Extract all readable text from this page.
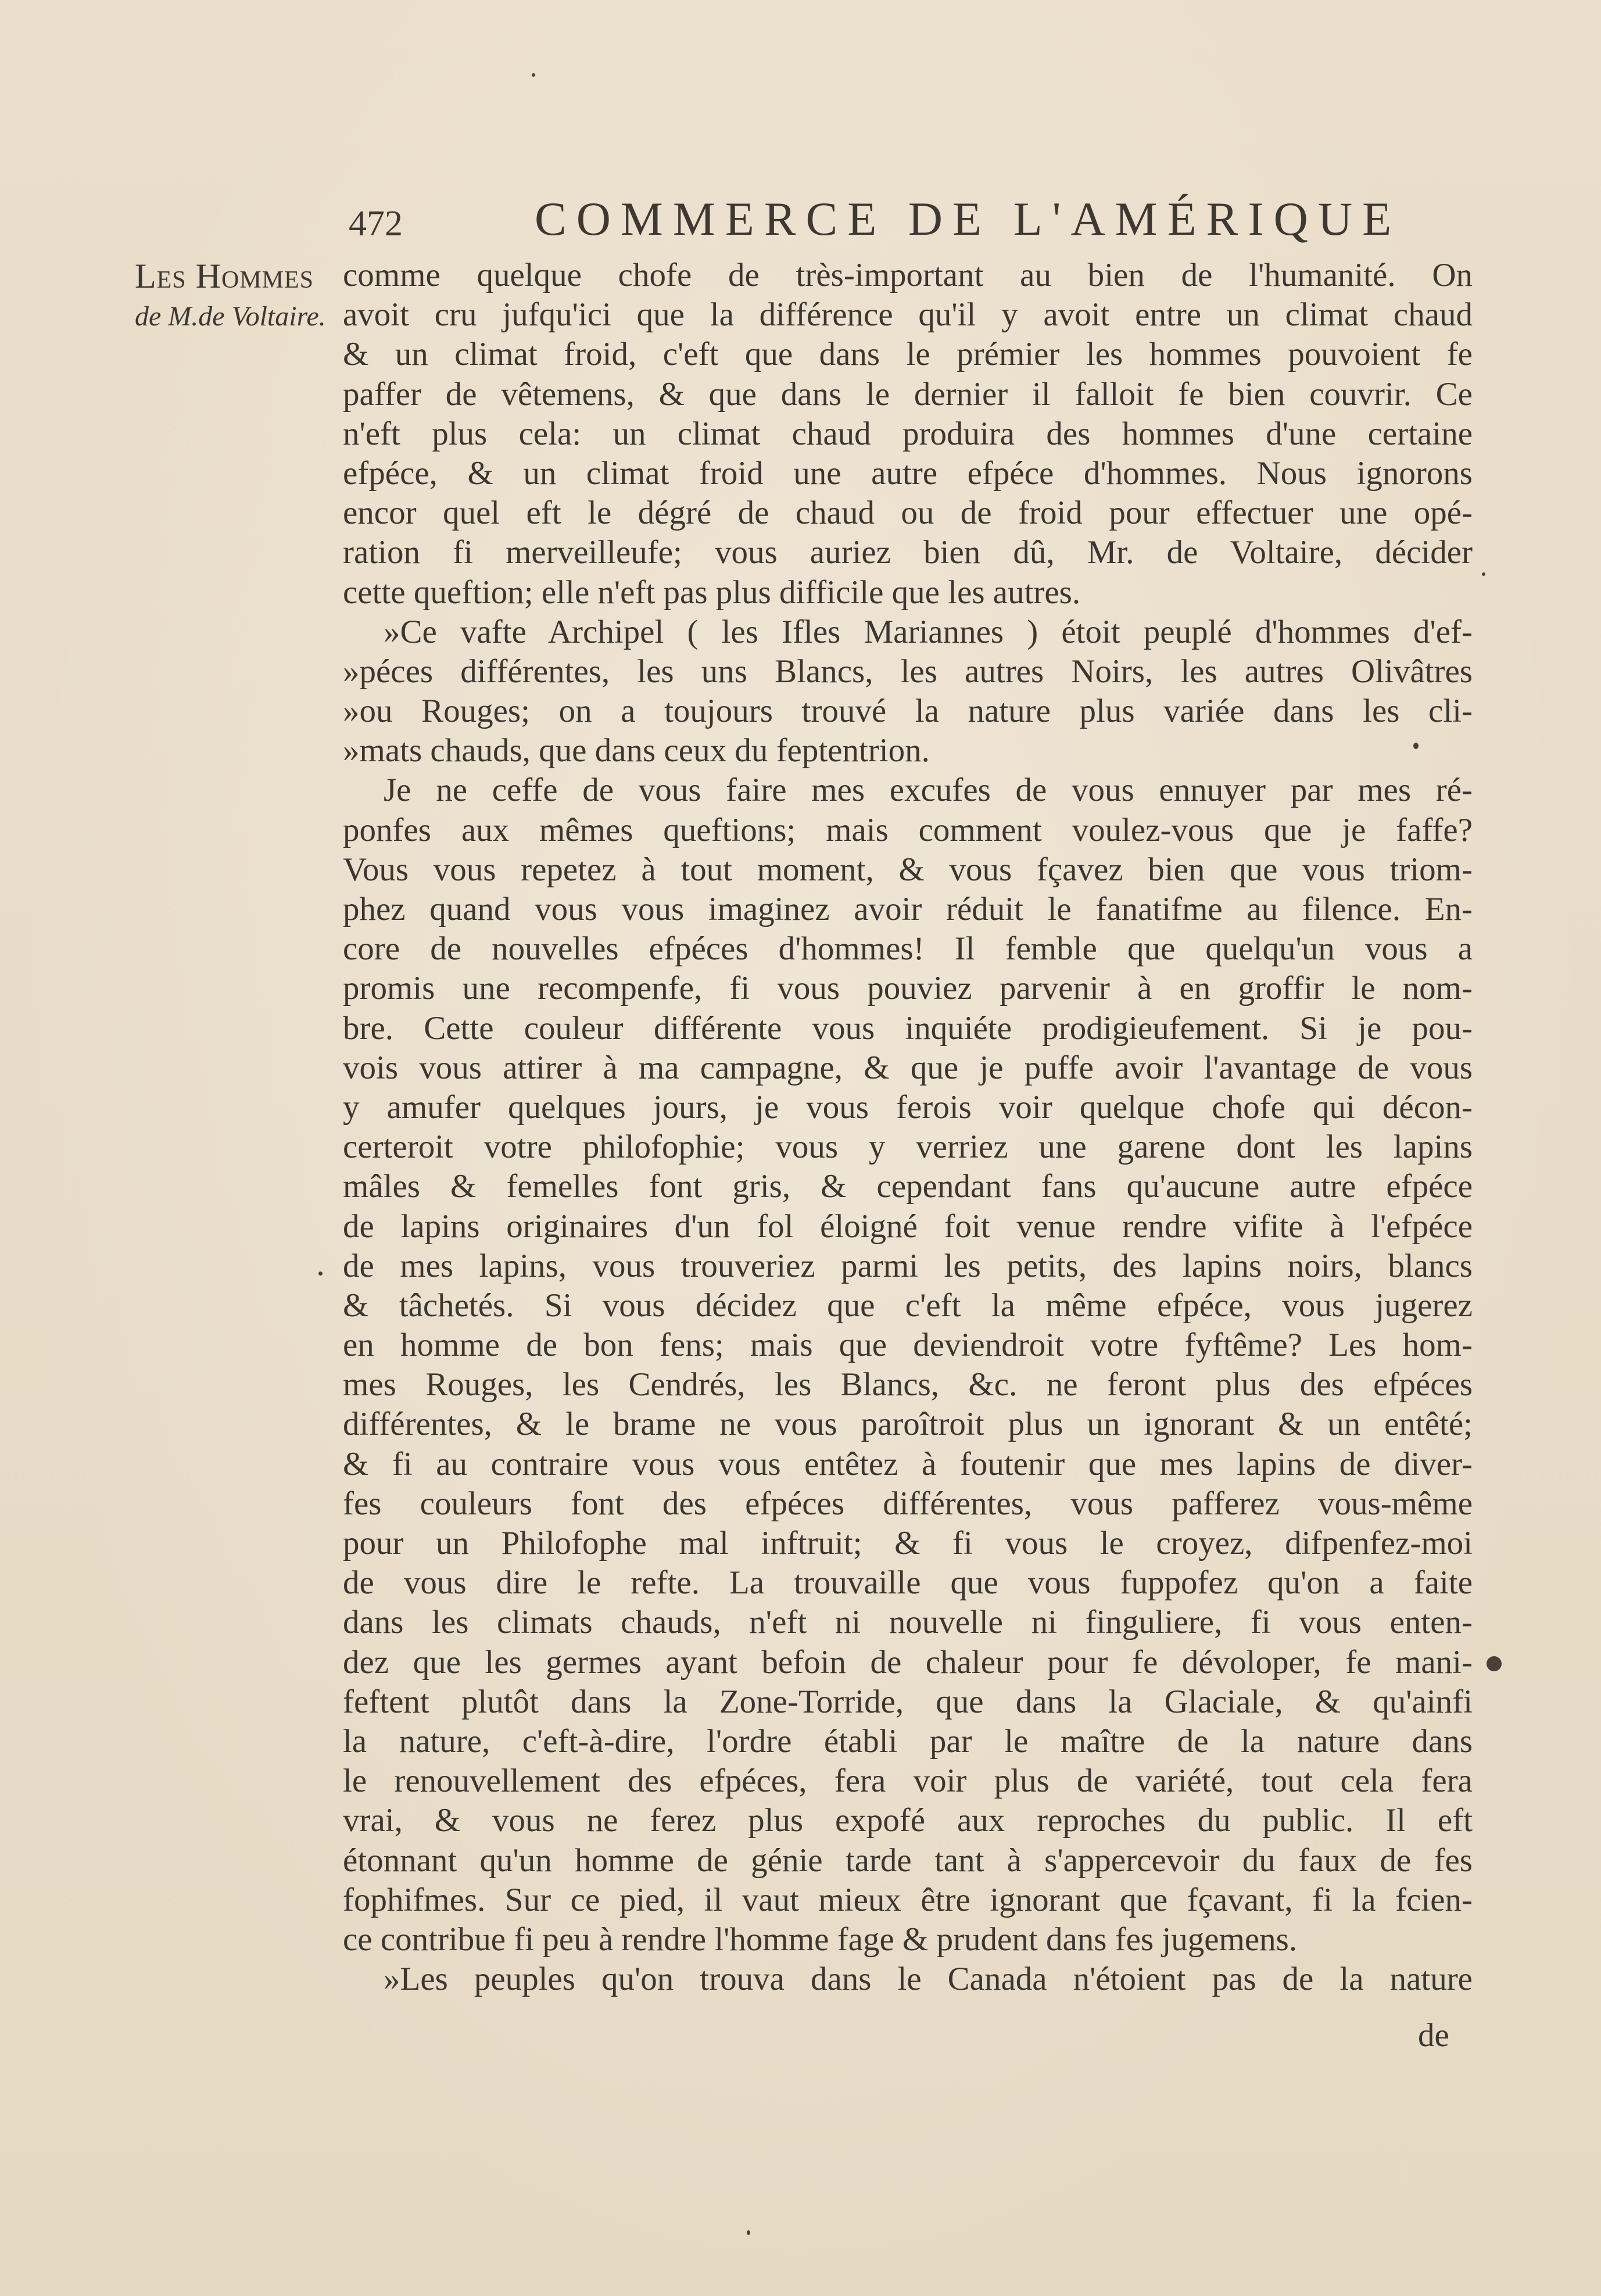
472	COMMERCE DE L'AMÉRIQUE
Les Hommes
de M.de Voltaire.
comme quelque chofe de très-important au bien de l'humanité. On
avoit cru jufqu'ici que la différence qu'il y avoit entre un climat chaud
& un climat froid, c'eft que dans le prémier les hommes pouvoient fe
paffer de vêtemens, & que dans le dernier il falloit fe bien couvrir. Ce
n'eft plus cela: un climat chaud produira des hommes d'une certaine
efpéce, & un climat froid une autre efpéce d'hommes. Nous ignorons
encor quel eft le dégré de chaud ou de froid pour effectuer une opé-
ration fi merveilleufe; vous auriez bien dû, Mr. de Voltaire, décider
cette queftion; elle n'eft pas plus difficile que les autres.
»Ce vafte Archipel ( les Ifles Mariannes ) étoit peuplé d'hommes d'ef-
»péces différentes, les uns Blancs, les autres Noirs, les autres Olivâtres
»ou Rouges; on a toujours trouvé la nature plus variée dans les cli-
»mats chauds, que dans ceux du feptentrion.
Je ne ceffe de vous faire mes excufes de vous ennuyer par mes ré-
ponfes aux mêmes queftions; mais comment voulez-vous que je faffe?
Vous vous repetez à tout moment, & vous fçavez bien que vous triom-
phez quand vous vous imaginez avoir réduit le fanatifme au filence. En-
core de nouvelles efpéces d'hommes! Il femble que quelqu'un vous a
promis une recompenfe, fi vous pouviez parvenir à en groffir le nom-
bre. Cette couleur différente vous inquiéte prodigieufement. Si je pou-
vois vous attirer à ma campagne, & que je puffe avoir l'avantage de vous
y amufer quelques jours, je vous ferois voir quelque chofe qui décon-
certeroit votre philofophie; vous y verriez une garene dont les lapins
mâles & femelles font gris, & cependant fans qu'aucune autre efpéce
de lapins originaires d'un fol éloigné foit venue rendre vifite à l'efpéce
de mes lapins, vous trouveriez parmi les petits, des lapins noirs, blancs
& tâchetés. Si vous décidez que c'eft la même efpéce, vous jugerez
en homme de bon fens; mais que deviendroit votre fyftême? Les hom-
mes Rouges, les Cendrés, les Blancs, &c. ne feront plus des efpéces
différentes, & le brame ne vous paroîtroit plus un ignorant & un entêté;
& fi au contraire vous vous entêtez à foutenir que mes lapins de diver-
fes couleurs font des efpéces différentes, vous pafferez vous-même
pour un Philofophe mal inftruit; & fi vous le croyez, difpenfez-moi
de vous dire le refte. La trouvaille que vous fuppofez qu'on a faite
dans les climats chauds, n'eft ni nouvelle ni finguliere, fi vous enten-
dez que les germes ayant befoin de chaleur pour fe dévoloper, fe mani-
feftent plutôt dans la Zone-Torride, que dans la Glaciale, & qu'ainfi
la nature, c'eft-à-dire, l'ordre établi par le maître de la nature dans
le renouvellement des efpéces, fera voir plus de variété, tout cela fera
vrai, & vous ne ferez plus expofé aux reproches du public. Il eft
étonnant qu'un homme de génie tarde tant à s'appercevoir du faux de fes
fophifmes. Sur ce pied, il vaut mieux être ignorant que fçavant, fi la fcien-
ce contribue fi peu à rendre l'homme fage & prudent dans fes jugemens.
»Les peuples qu'on trouva dans le Canada n'étoient pas de la nature
de
